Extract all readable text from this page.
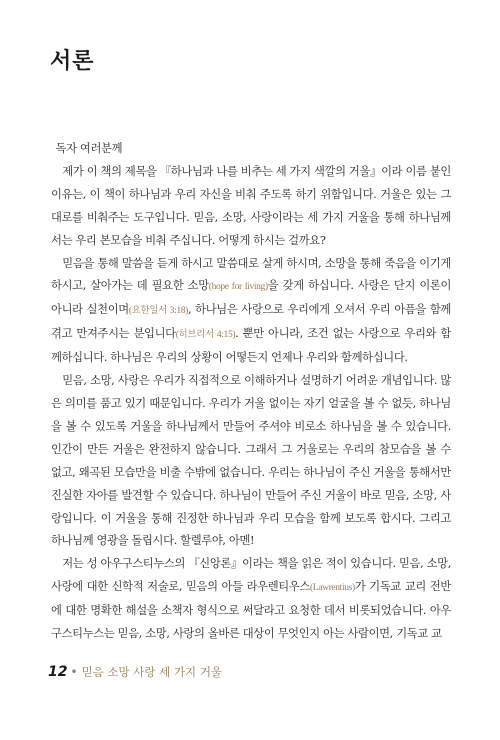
서론

독자 여러분께

제가 이 책의 제목을 『하나님과 나를 비추는 세 가지 색깔의 거울』이라 이름 붙인 이유는, 이 책이 하나님과 우리 자신을 비춰 주도록 하기 위함입니다. 거울은 있는 그대로를 비춰주는 도구입니다. 믿음, 소망, 사랑이라는 세 가지 거울을 통해 하나님께서는 우리 본모습을 비춰 주십니다. 어떻게 하시는 걸까요?

믿음을 통해 말씀을 듣게 하시고 말씀대로 살게 하시며, 소망을 통해 죽음을 이기게 하시고, 살아가는 데 필요한 소망(hope for living)을 갖게 하십니다. 사랑은 단지 이론이 아니라 실천이며(요한일서 3:18), 하나님은 사랑으로 우리에게 오셔서 우리 아픔을 함께 겪고 만져주시는 분입니다(히브리서 4:15). 뿐만 아니라, 조건 없는 사랑으로 우리와 함께하십니다. 하나님은 우리의 상황이 어떻든지 언제나 우리와 함께하십니다.

믿음, 소망, 사랑은 우리가 직접적으로 이해하거나 설명하기 어려운 개념입니다. 많은 의미를 품고 있기 때문입니다. 우리가 거울 없이는 자기 얼굴을 볼 수 없듯, 하나님을 볼 수 있도록 거울을 하나님께서 만들어 주셔야 비로소 하나님을 볼 수 있습니다. 인간이 만든 거울은 완전하지 않습니다. 그래서 그 거울로는 우리의 참모습을 볼 수 없고, 왜곡된 모습만을 비출 수밖에 없습니다. 우리는 하나님이 주신 거울을 통해서만 진실한 자아를 발견할 수 있습니다. 하나님이 만들어 주신 거울이 바로 믿음, 소망, 사랑입니다. 이 거울을 통해 진정한 하나님과 우리 모습을 함께 보도록 합시다. 그리고 하나님께 영광을 돌립시다. 할렐루야, 아멘!

저는 성 아우구스티누스의 『신앙론』이라는 책을 읽은 적이 있습니다. 믿음, 소망, 사랑에 대한 신학적 저술로, 믿음의 아들 라우렌티우스(Lawrentius)가 기독교 교리 전반에 대한 명확한 해설을 소책자 형식으로 써달라고 요청한 데서 비롯되었습니다. 아우구스티누스는 믿음, 소망, 사랑의 올바른 대상이 무엇인지 아는 사람이면, 기독교 교

12 • 믿음 소망 사랑 세 가지 거울
